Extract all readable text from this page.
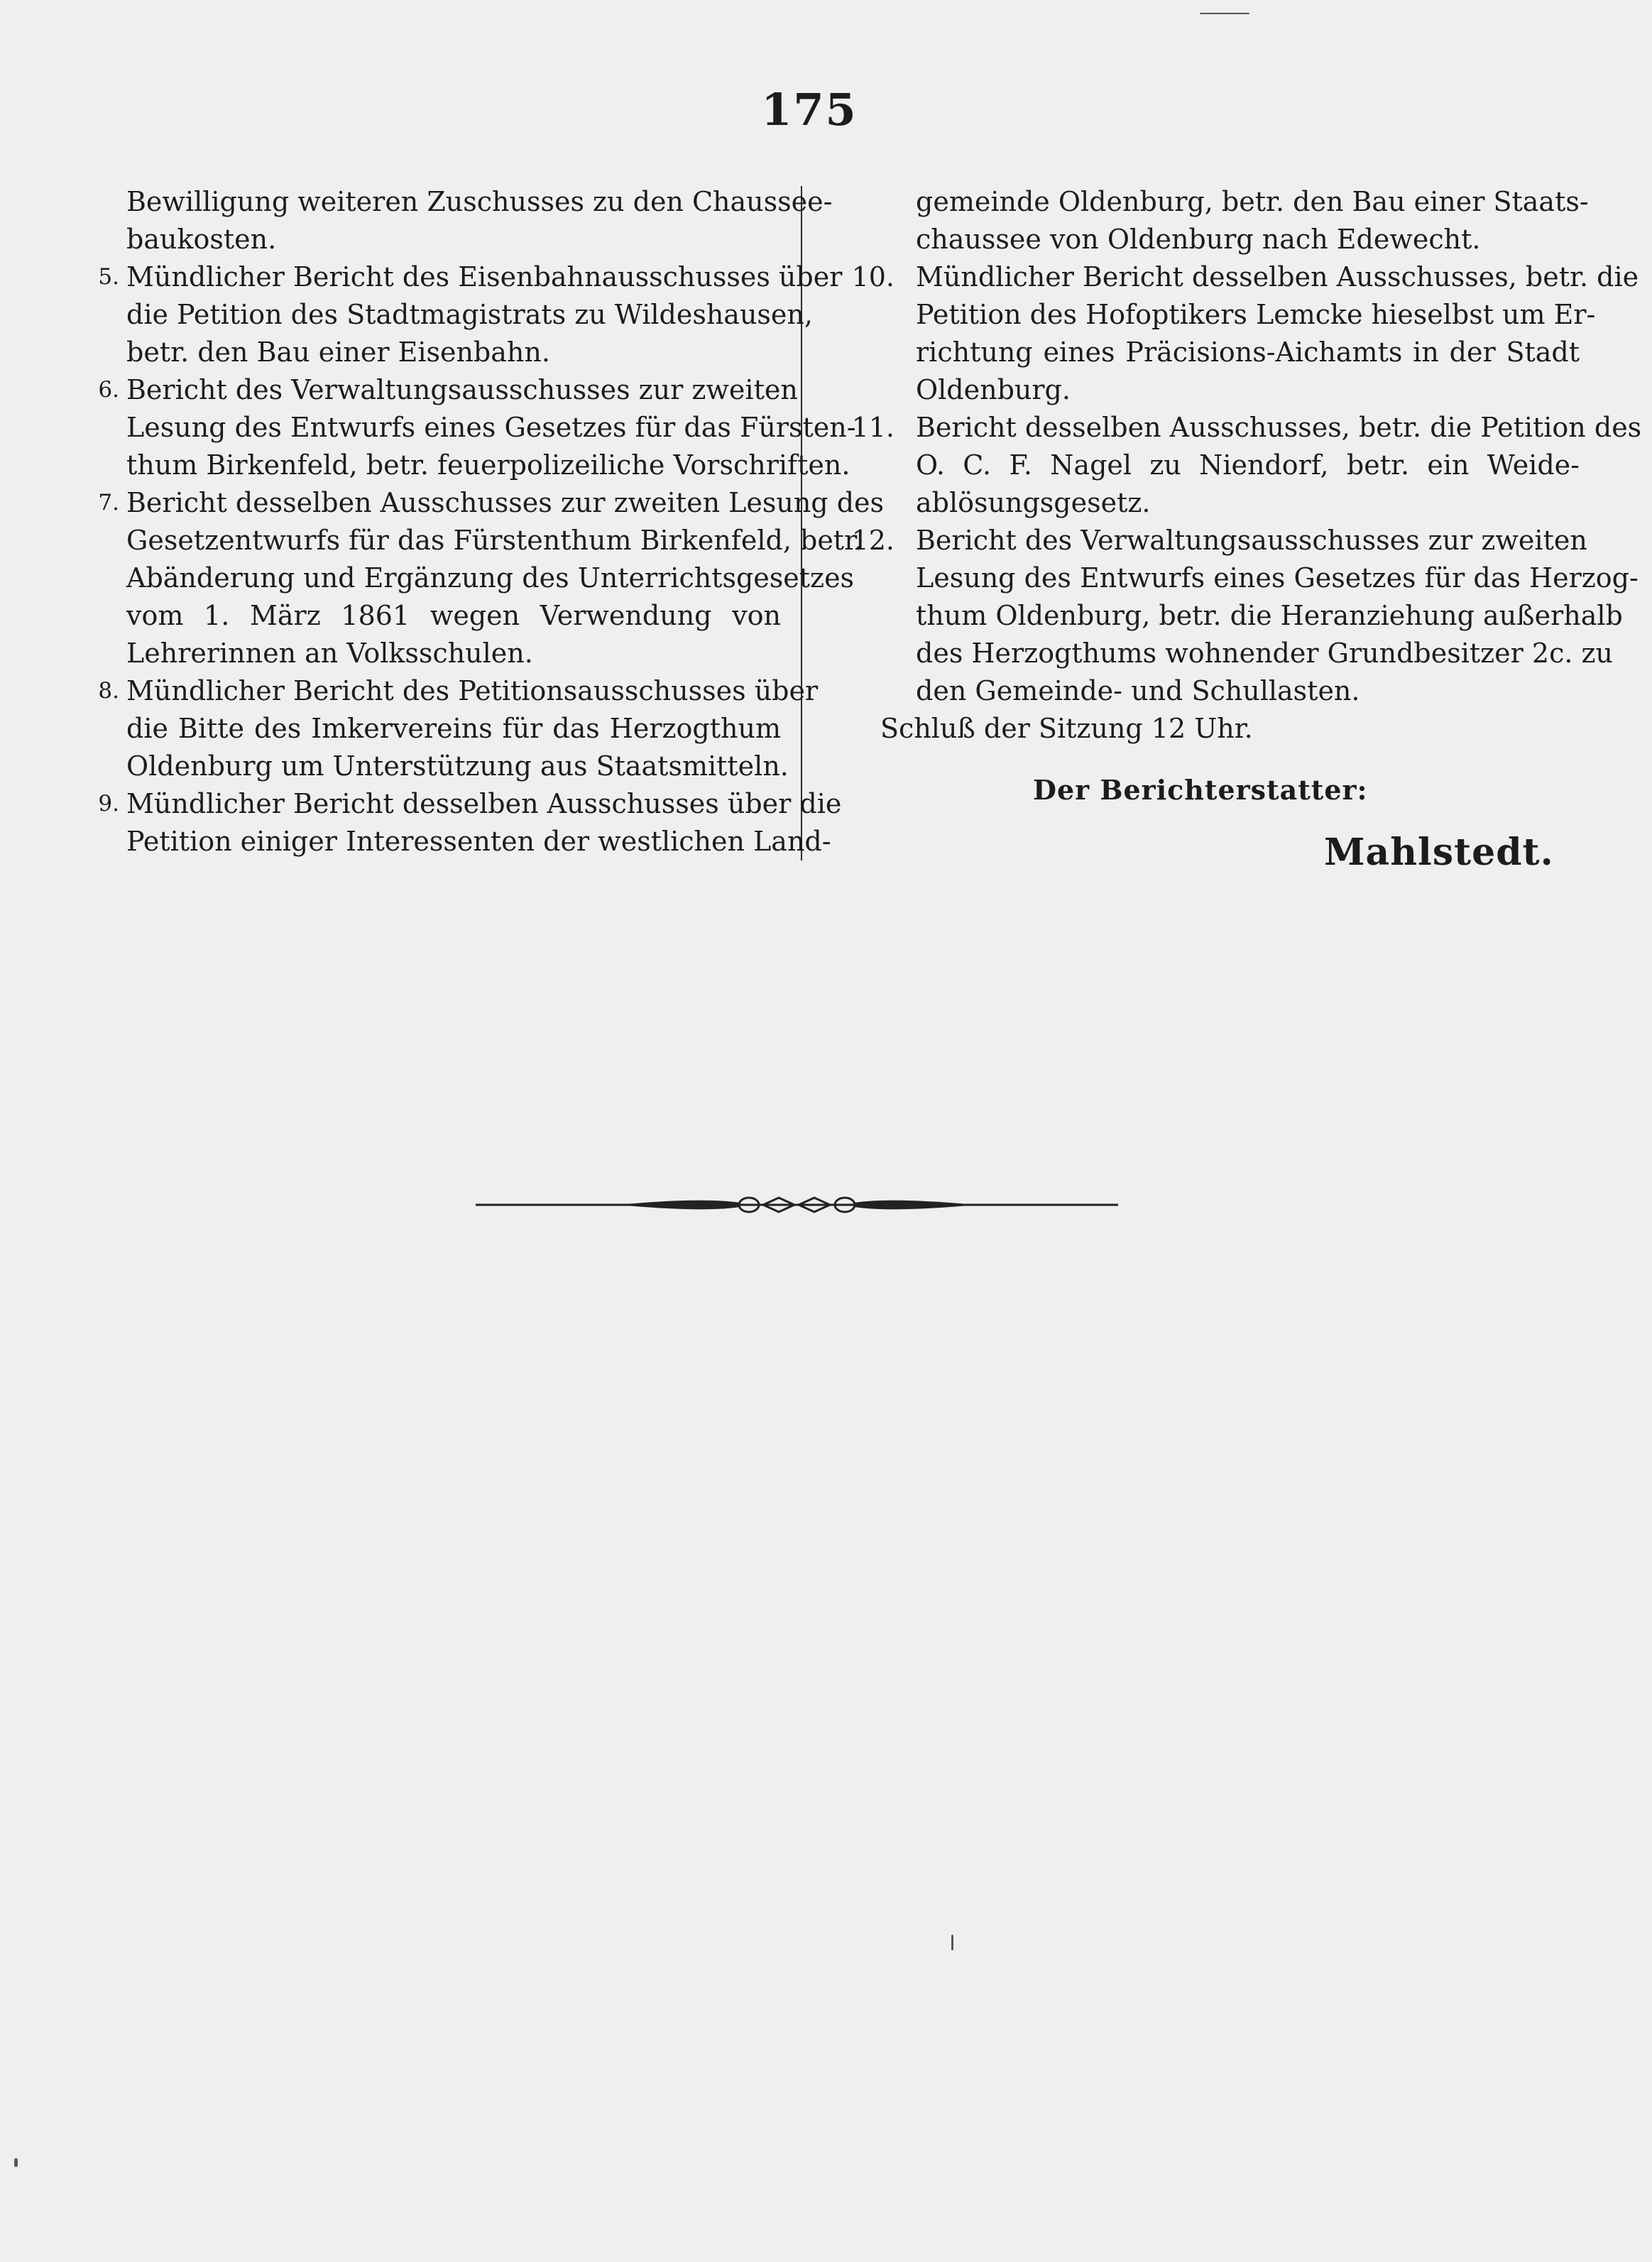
175
Bewilligung weiteren Zuschusses zu den Chaussee-
baukosten.
5. Mündlicher Bericht des Eisenbahnausschusses über
die Petition des Stadtmagistrats zu Wildeshausen,
betr. den Bau einer Eisenbahn.
6. Bericht des Verwaltungsausschusses zur zweiten
Lesung des Entwurfs eines Gesetzes für das Fürsten-
thum Birkenfeld, betr. feuerpolizeiliche Vorschriften.
7. Bericht desselben Ausschusses zur zweiten Lesung des
Gesetzentwurfs für das Fürstenthum Birkenfeld, betr.
Abänderung und Ergänzung des Unterrichtsgesetzes
vom 1. März 1861 wegen Verwendung von
Lehrerinnen an Volksschulen.
8. Mündlicher Bericht des Petitionsausschusses über
die Bitte des Imkervereins für das Herzogthum
Oldenburg um Unterstützung aus Staatsmitteln.
9. Mündlicher Bericht desselben Ausschusses über die
Petition einiger Interessenten der westlichen Land-
gemeinde Oldenburg, betr. den Bau einer Staats-
chaussee von Oldenburg nach Edewecht.
10. Mündlicher Bericht desselben Ausschusses, betr. die
Petition des Hofoptikers Lemcke hieselbst um Er-
richtung eines Präcisions-Aichamts in der Stadt
Oldenburg.
11. Bericht desselben Ausschusses, betr. die Petition des
O. C. F. Nagel zu Niendorf, betr. ein Weide-
ablösungsgesetz.
12. Bericht des Verwaltungsausschusses zur zweiten
Lesung des Entwurfs eines Gesetzes für das Herzog-
thum Oldenburg, betr. die Heranziehung außerhalb
des Herzogthums wohnender Grundbesitzer 2c. zu
den Gemeinde- und Schullasten.
Schluß der Sitzung 12 Uhr.
Der Berichterstatter:
Mahlstedt.
